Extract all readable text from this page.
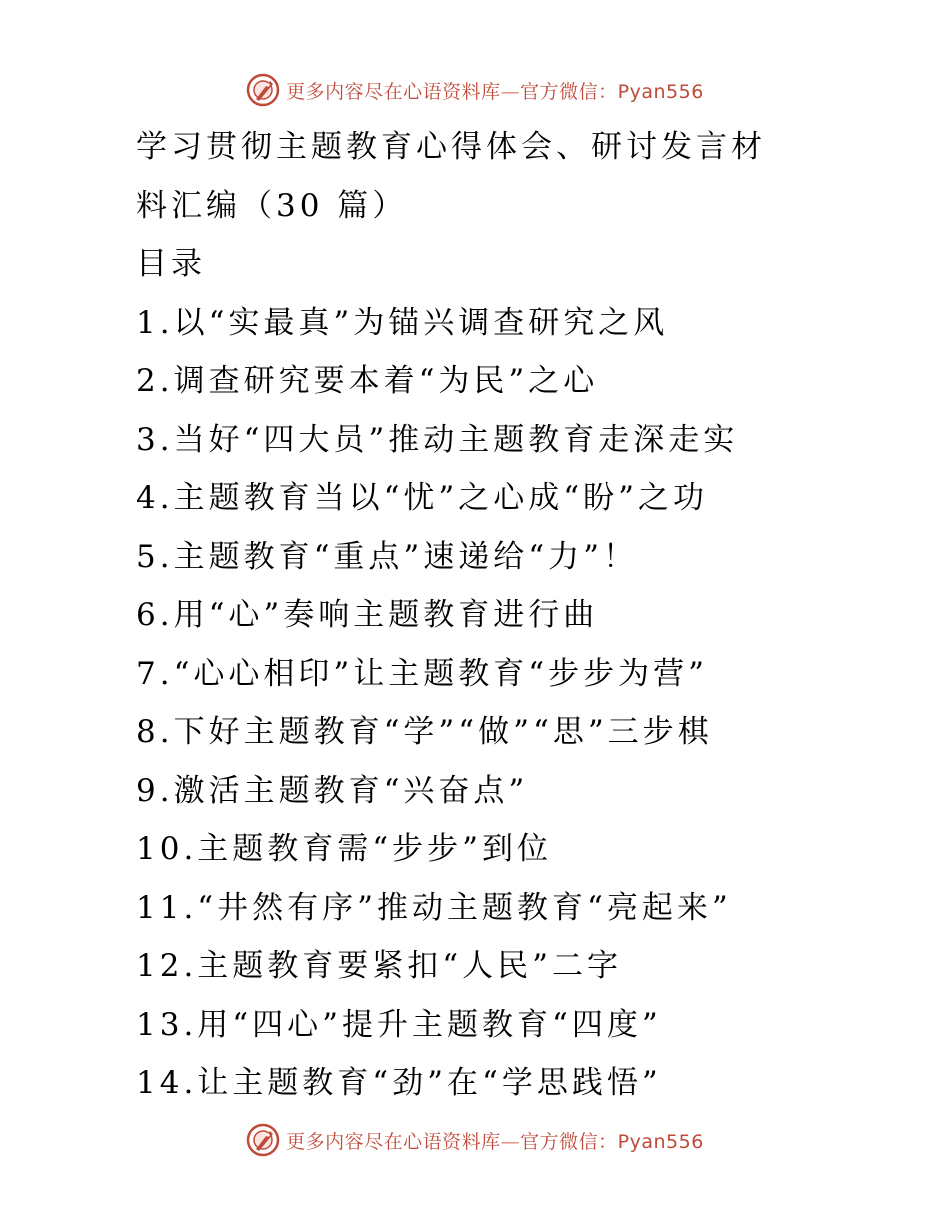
更多内容尽在心语资料库—官方微信：Pyan556
学习贯彻主题教育心得体会、研讨发言材
料汇编（30 篇）
目录
1.以“实最真”为锚兴调查研究之风
2.调查研究要本着“为民”之心
3.当好“四大员”推动主题教育走深走实
4.主题教育当以“忧”之心成“盼”之功
5.主题教育“重点”速递给“力”！
6.用“心”奏响主题教育进行曲
7.“心心相印”让主题教育“步步为营”
8.下好主题教育“学”“做”“思”三步棋
9.激活主题教育“兴奋点”
10.主题教育需“步步”到位
11.“井然有序”推动主题教育“亮起来”
12.主题教育要紧扣“人民”二字
13.用“四心”提升主题教育“四度”
14.让主题教育“劲”在“学思践悟”
更多内容尽在心语资料库—官方微信：Pyan556
